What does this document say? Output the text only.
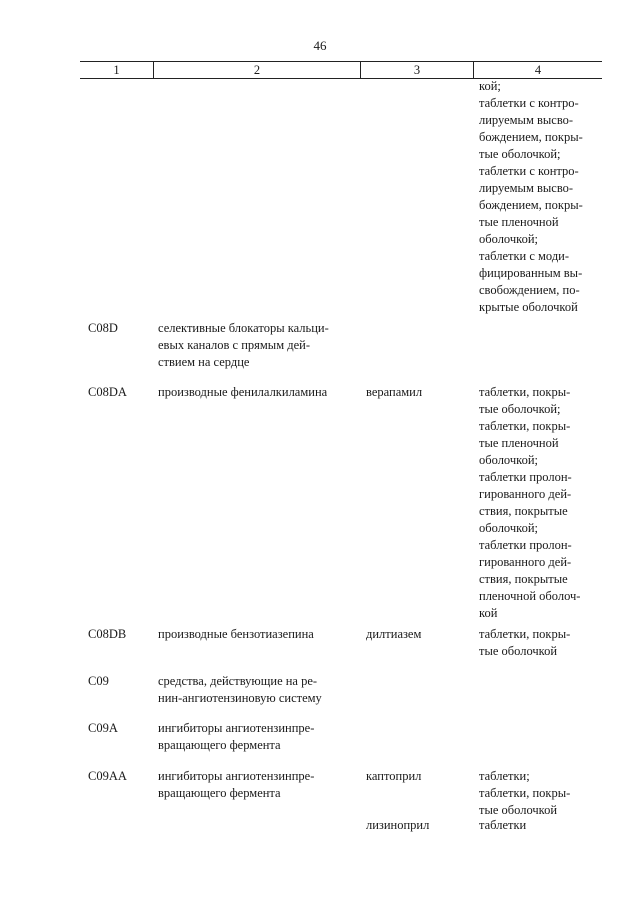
46
1	2	3	4
кой;
таблетки с контро-
лируемым высво-
бождением, покры-
тые оболочкой;
таблетки с контро-
лируемым высво-
бождением, покры-
тые пленочной
оболочкой;
таблетки с моди-
фицированным вы-
свобождением, по-
крытые оболочкой
C08D	селективные блокаторы кальци-
евых каналов с прямым дей-
ствием на сердце
C08DA	производные фенилалкиламина	верапамил	таблетки, покры-
тые оболочкой;
таблетки, покры-
тые пленочной
оболочкой;
таблетки пролон-
гированного дей-
ствия, покрытые
оболочкой;
таблетки пролон-
гированного дей-
ствия, покрытые
пленочной оболоч-
кой
C08DB	производные бензотиазепина	дилтиазем	таблетки, покры-
тые оболочкой
C09	средства, действующие на ре-
нин-ангиотензиновую систему
C09A	ингибиторы ангиотензинпре-
вращающего фермента
C09AA	ингибиторы ангиотензинпре-
вращающего фермента
каптоприл	таблетки;
таблетки, покры-
тые оболочкой
лизиноприл	таблетки
